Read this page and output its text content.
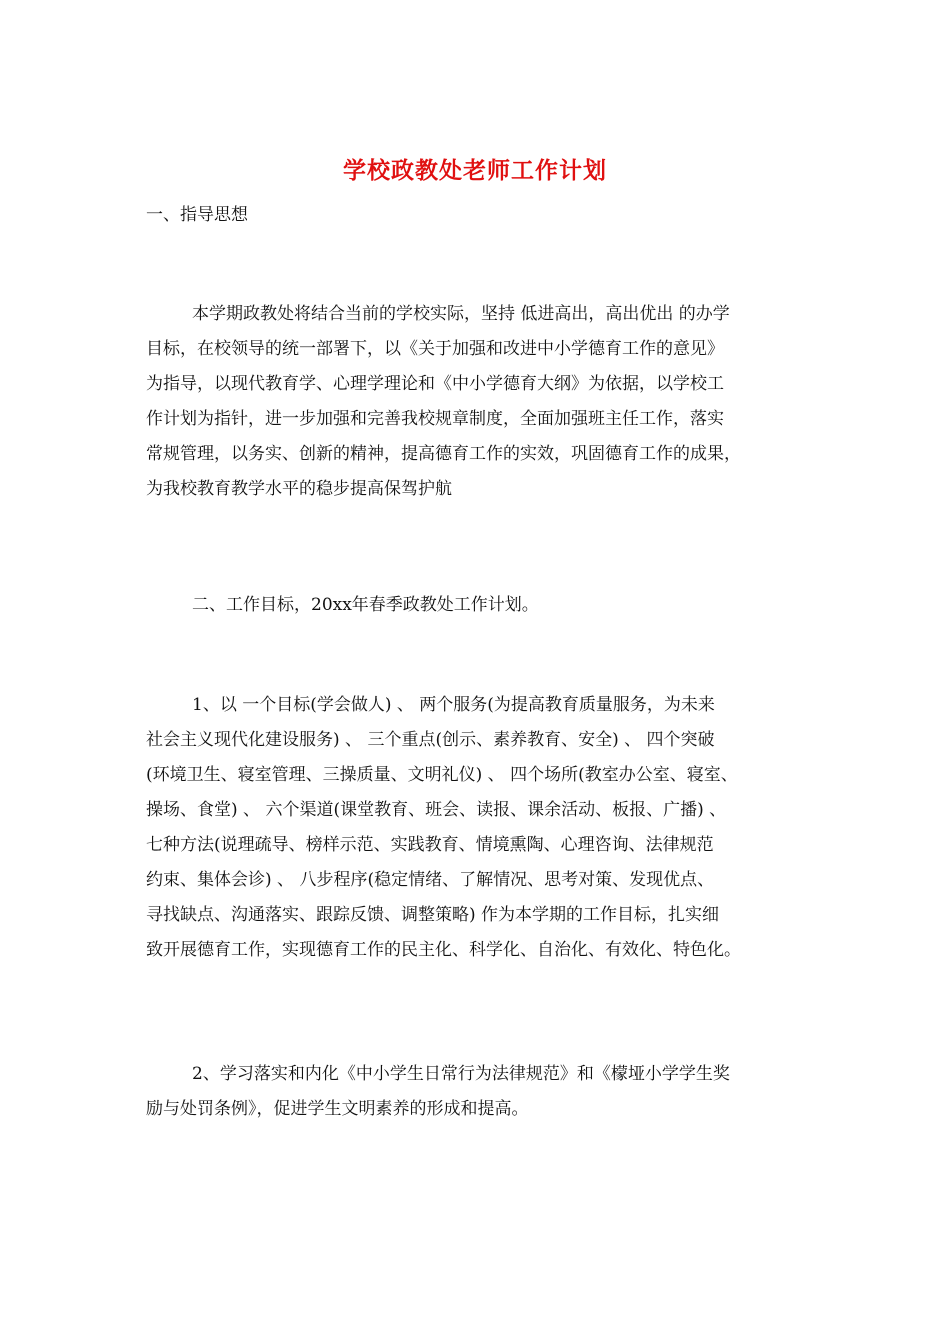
学校政教处老师工作计划
一、指导思想
本学期政教处将结合当前的学校实际，坚持 低进高出，高出优出 的办学
目标，在校领导的统一部署下，以《关于加强和改进中小学德育工作的意见》
为指导，以现代教育学、心理学理论和《中小学德育大纲》为依据，以学校工
作计划为指针，进一步加强和完善我校规章制度，全面加强班主任工作，落实
常规管理，以务实、创新的精神，提高德育工作的实效，巩固德育工作的成果，
为我校教育教学水平的稳步提高保驾护航
二、工作目标，20xx年春季政教处工作计划。
1、以 一个目标(学会做人) 、 两个服务(为提高教育质量服务，为未来
社会主义现代化建设服务) 、 三个重点(创示、素养教育、安全) 、 四个突破
(环境卫生、寝室管理、三操质量、文明礼仪) 、 四个场所(教室办公室、寝室、
操场、食堂) 、 六个渠道(课堂教育、班会、读报、课余活动、板报、广播) 、
七种方法(说理疏导、榜样示范、实践教育、情境熏陶、心理咨询、法律规范
约束、集体会诊) 、 八步程序(稳定情绪、了解情况、思考对策、发现优点、
寻找缺点、沟通落实、跟踪反馈、调整策略) 作为本学期的工作目标，扎实细
致开展德育工作，实现德育工作的民主化、科学化、自治化、有效化、特色化。
2、学习落实和内化《中小学生日常行为法律规范》和《檬垭小学学生奖
励与处罚条例》，促进学生文明素养的形成和提高。
